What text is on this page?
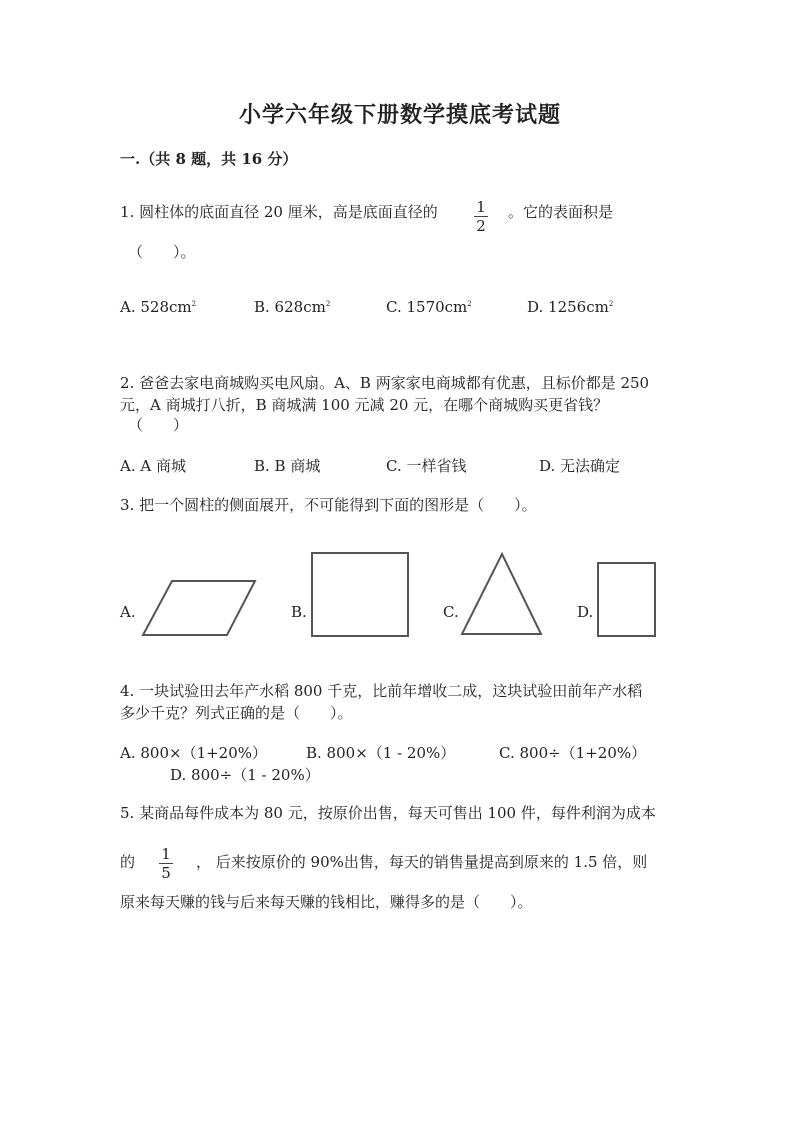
小学六年级下册数学摸底考试题
一.（共 8 题，共 16 分）
1. 圆柱体的底面直径 20 厘米，高是底面直径的	1
2
。它的表面积是
（　　）。
A. $528cm^2$	B. $628cm^2$	C. $1570cm^2$	D. $1256cm^2$
2. 爸爸去家电商城购买电风扇。A、B 两家家电商城都有优惠，且标价都是 250
元，A 商城打八折，B 商城满 100 元减 20 元，在哪个商城购买更省钱？
（　　）
A. A 商城	B. B 商城	C. 一样省钱	D. 无法确定
3. 把一个圆柱的侧面展开，不可能得到下面的图形是（　　）。
A.	B.	C.	D.
4. 一块试验田去年产水稻 800 千克，比前年增收二成，这块试验田前年产水稻
多少千克？列式正确的是（　　）。
A. 800×（1+20%）	B. 800×（1 - 20%）	C. 800÷（1+20%）
D. 800÷（1 - 20%）
5. 某商品每件成本为 80 元，按原价出售，每天可售出 100 件，每件利润为成本
的 1
5
， 后来按原价的 90%出售，每天的销售量提高到原来的 1.5 倍，则
原来每天赚的钱与后来每天赚的钱相比，赚得多的是（　　）。
